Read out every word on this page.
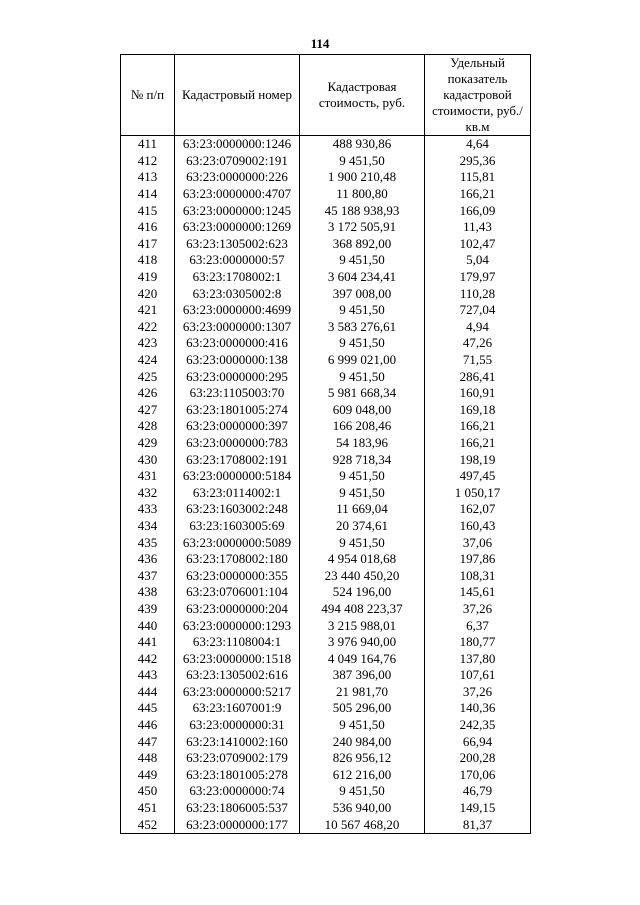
114
№ п/п	Кадастровый номер	Кадастровая стоимость, руб.	Удельный показатель кадастровой стоимости, руб./кв.м
411	63:23:0000000:1246	488 930,86	4,64
412	63:23:0709002:191	9 451,50	295,36
413	63:23:0000000:226	1 900 210,48	115,81
414	63:23:0000000:4707	11 800,80	166,21
415	63:23:0000000:1245	45 188 938,93	166,09
416	63:23:0000000:1269	3 172 505,91	11,43
417	63:23:1305002:623	368 892,00	102,47
418	63:23:0000000:57	9 451,50	5,04
419	63:23:1708002:1	3 604 234,41	179,97
420	63:23:0305002:8	397 008,00	110,28
421	63:23:0000000:4699	9 451,50	727,04
422	63:23:0000000:1307	3 583 276,61	4,94
423	63:23:0000000:416	9 451,50	47,26
424	63:23:0000000:138	6 999 021,00	71,55
425	63:23:0000000:295	9 451,50	286,41
426	63:23:1105003:70	5 981 668,34	160,91
427	63:23:1801005:274	609 048,00	169,18
428	63:23:0000000:397	166 208,46	166,21
429	63:23:0000000:783	54 183,96	166,21
430	63:23:1708002:191	928 718,34	198,19
431	63:23:0000000:5184	9 451,50	497,45
432	63:23:0114002:1	9 451,50	1 050,17
433	63:23:1603002:248	11 669,04	162,07
434	63:23:1603005:69	20 374,61	160,43
435	63:23:0000000:5089	9 451,50	37,06
436	63:23:1708002:180	4 954 018,68	197,86
437	63:23:0000000:355	23 440 450,20	108,31
438	63:23:0706001:104	524 196,00	145,61
439	63:23:0000000:204	494 408 223,37	37,26
440	63:23:0000000:1293	3 215 988,01	6,37
441	63:23:1108004:1	3 976 940,00	180,77
442	63:23:0000000:1518	4 049 164,76	137,80
443	63:23:1305002:616	387 396,00	107,61
444	63:23:0000000:5217	21 981,70	37,26
445	63:23:1607001:9	505 296,00	140,36
446	63:23:0000000:31	9 451,50	242,35
447	63:23:1410002:160	240 984,00	66,94
448	63:23:0709002:179	826 956,12	200,28
449	63:23:1801005:278	612 216,00	170,06
450	63:23:0000000:74	9 451,50	46,79
451	63:23:1806005:537	536 940,00	149,15
452	63:23:0000000:177	10 567 468,20	81,37
